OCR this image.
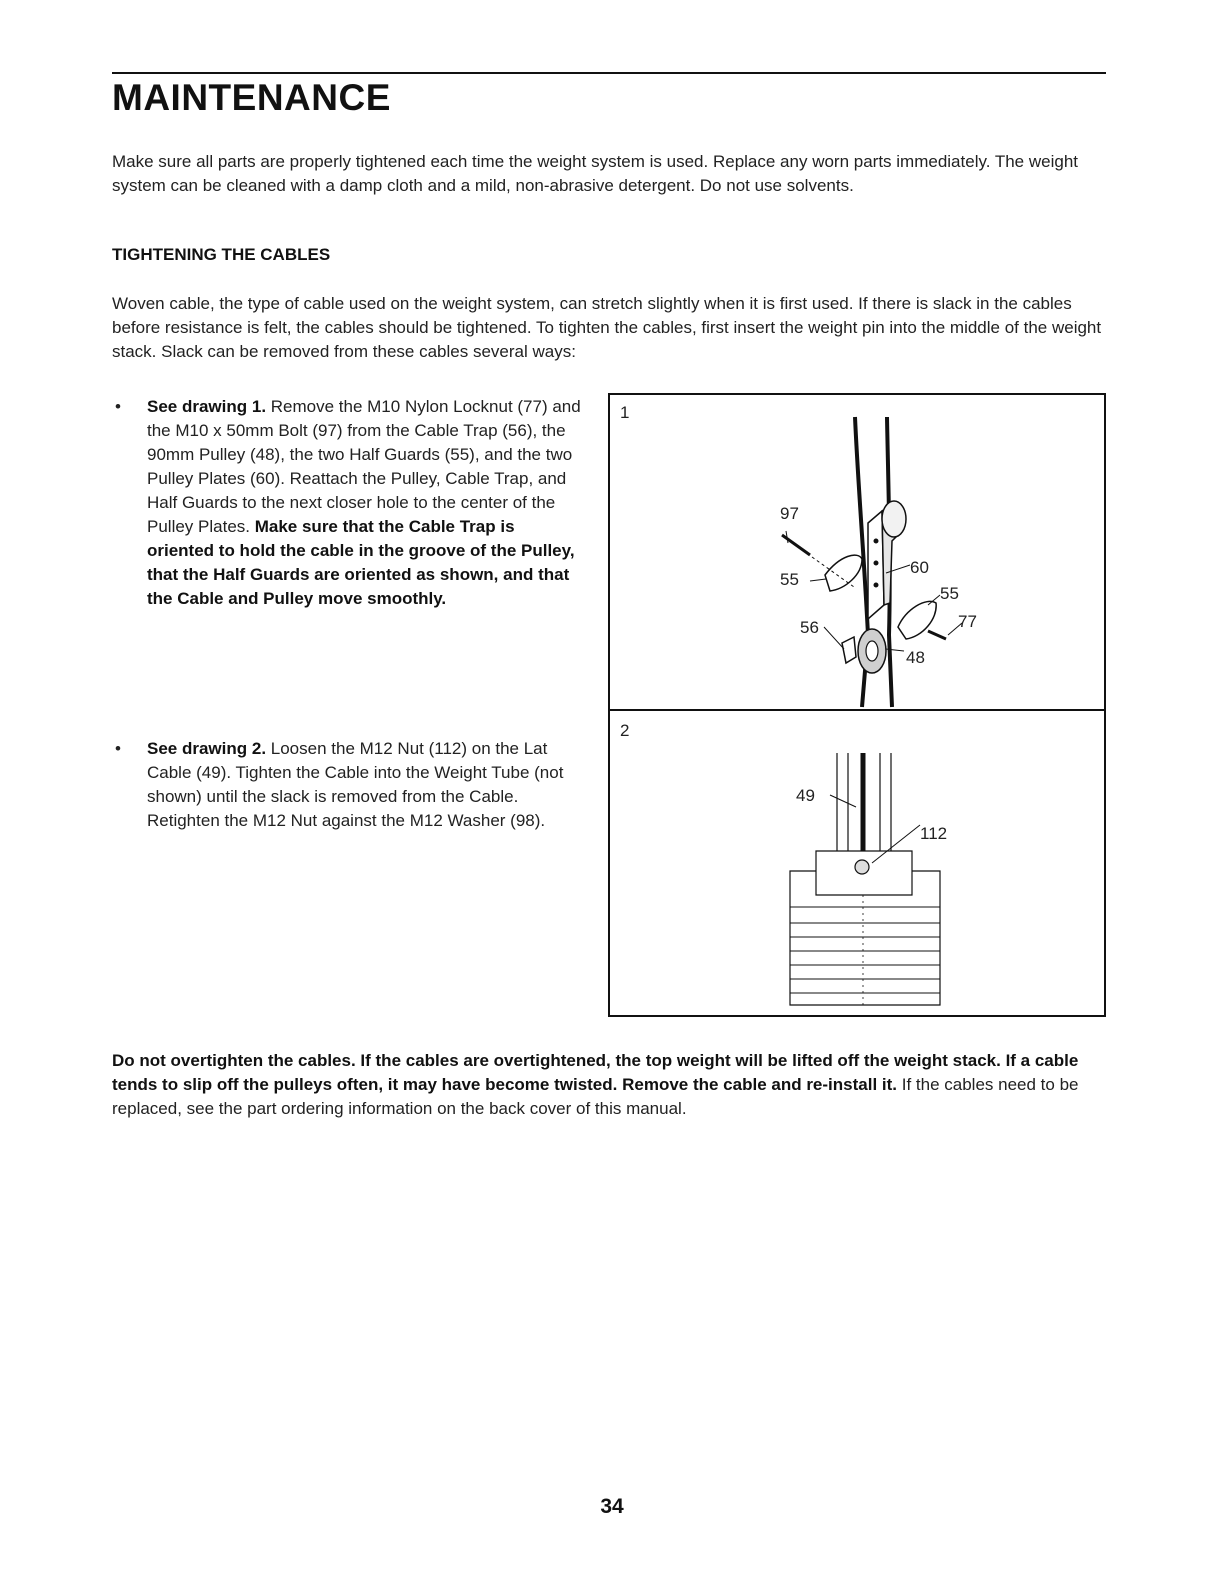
MAINTENANCE

Make sure all parts are properly tightened each time the weight system is used. Replace any worn parts immediately. The weight system can be cleaned with a damp cloth and a mild, non-abrasive detergent. Do not use solvents.

TIGHTENING THE CABLES

Woven cable, the type of cable used on the weight system, can stretch slightly when it is first used. If there is slack in the cables before resistance is felt, the cables should be tightened. To tighten the cables, first insert the weight pin into the middle of the weight stack. Slack can be removed from these cables several ways:

• See drawing 1. Remove the M10 Nylon Locknut (77) and the M10 x 50mm Bolt (97) from the Cable Trap (56), the 90mm Pulley (48), the two Half Guards (55), and the two Pulley Plates (60). Reattach the Pulley, Cable Trap, and Half Guards to the next closer hole to the center of the Pulley Plates. Make sure that the Cable Trap is oriented to hold the cable in the groove of the Pulley, that the Half Guards are oriented as shown, and that the Cable and Pulley move smoothly.
• See drawing 2. Loosen the M12 Nut (112) on the Lat Cable (49). Tighten the Cable into the Weight Tube (not shown) until the slack is removed from the Cable. Retighten the M12 Nut against the M12 Washer (98).
1
2
97
55
60
55
56	77
48
49
112

Do not overtighten the cables. If the cables are overtightened, the top weight will be lifted off the weight stack. If a cable tends to slip off the pulleys often, it may have become twisted. Remove the cable and re-install it. If the cables need to be replaced, see the part ordering information on the back cover of this manual.

34
